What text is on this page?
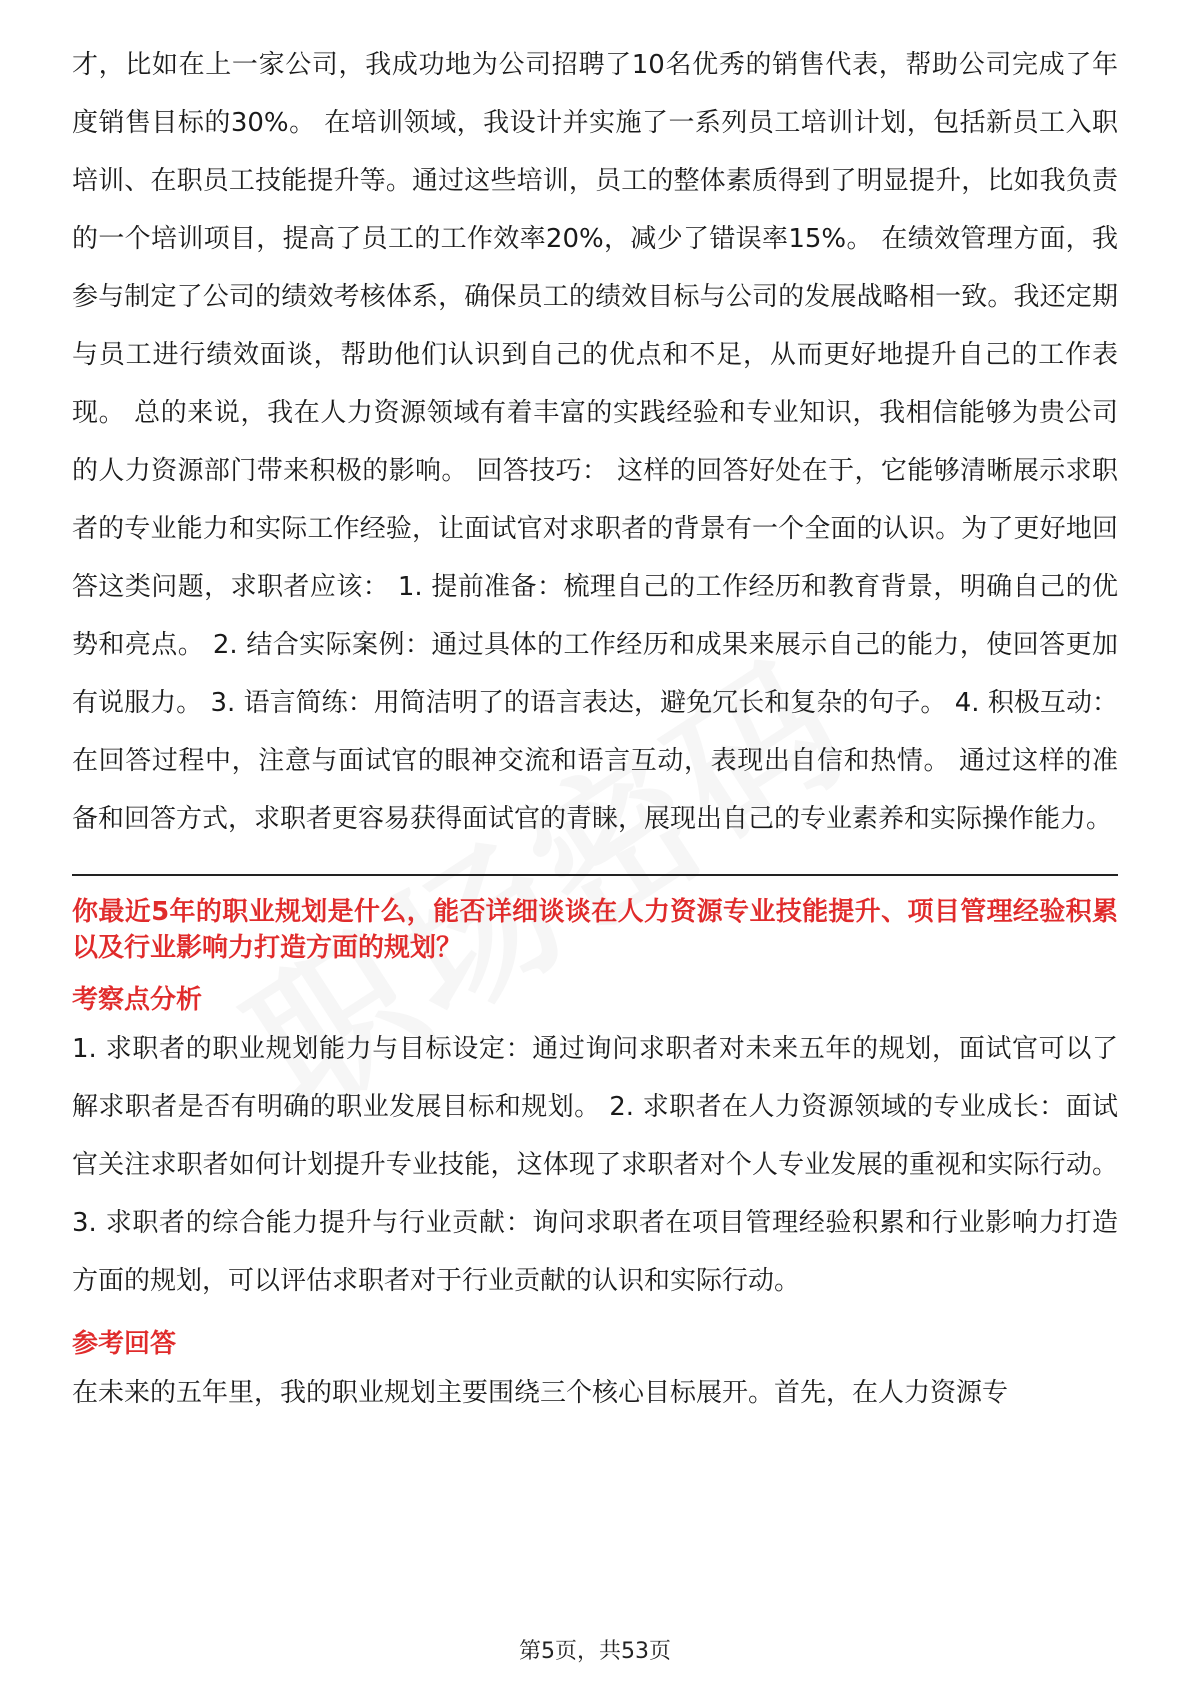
才，比如在上一家公司，我成功地为公司招聘了10名优秀的销售代表，帮助公司完成了年度销售目标的30%。 在培训领域，我设计并实施了一系列员工培训计划，包括新员工入职培训、在职员工技能提升等。通过这些培训，员工的整体素质得到了明显提升，比如我负责的一个培训项目，提高了员工的工作效率20%，减少了错误率15%。 在绩效管理方面，我参与制定了公司的绩效考核体系，确保员工的绩效目标与公司的发展战略相一致。我还定期与员工进行绩效面谈，帮助他们认识到自己的优点和不足，从而更好地提升自己的工作表现。 总的来说，我在人力资源领域有着丰富的实践经验和专业知识，我相信能够为贵公司的人力资源部门带来积极的影响。 回答技巧： 这样的回答好处在于，它能够清晰展示求职者的专业能力和实际工作经验，让面试官对求职者的背景有一个全面的认识。为了更好地回答这类问题，求职者应该： 1. 提前准备：梳理自己的工作经历和教育背景，明确自己的优势和亮点。 2. 结合实际案例：通过具体的工作经历和成果来展示自己的能力，使回答更加有说服力。 3. 语言简练：用简洁明了的语言表达，避免冗长和复杂的句子。 4. 积极互动：在回答过程中，注意与面试官的眼神交流和语言互动，表现出自信和热情。 通过这样的准备和回答方式，求职者更容易获得面试官的青睐，展现出自己的专业素养和实际操作能力。

你最近5年的职业规划是什么，能否详细谈谈在人力资源专业技能提升、项目管理经验积累以及行业影响力打造方面的规划？

考察点分析

1. 求职者的职业规划能力与目标设定：通过询问求职者对未来五年的规划，面试官可以了解求职者是否有明确的职业发展目标和规划。 2. 求职者在人力资源领域的专业成长：面试官关注求职者如何计划提升专业技能，这体现了求职者对个人专业发展的重视和实际行动。 3. 求职者的综合能力提升与行业贡献：询问求职者在项目管理经验积累和行业影响力打造方面的规划，可以评估求职者对于行业贡献的认识和实际行动。

参考回答

在未来的五年里，我的职业规划主要围绕三个核心目标展开。首先，在人力资源专

第5页，共53页
